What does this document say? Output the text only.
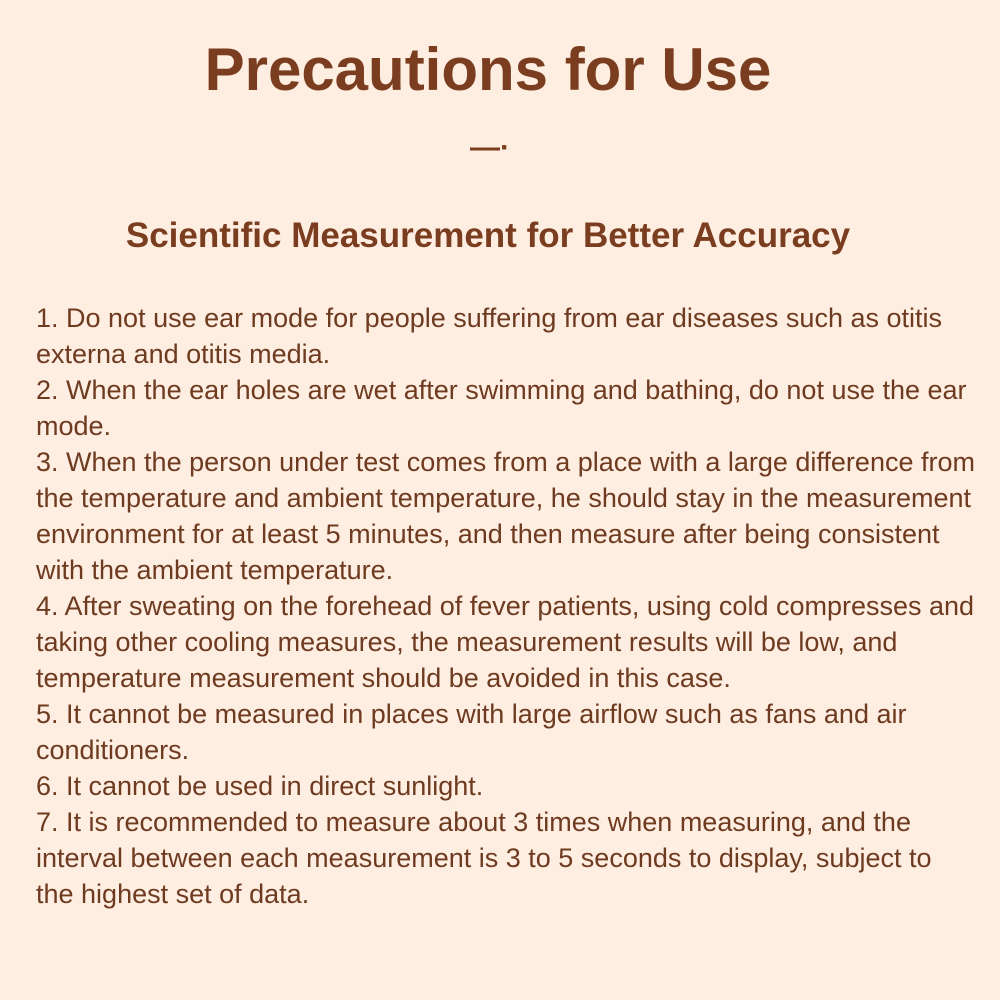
Precautions for Use
—·
Scientific Measurement for Better Accuracy
1. Do not use ear mode for people suffering from ear diseases such as otitis externa and otitis media.
2. When the ear holes are wet after swimming and bathing, do not use the ear mode.
3. When the person under test comes from a place with a large difference from the temperature and ambient temperature, he should stay in the measurement environment for at least 5 minutes, and then measure after being consistent with the ambient temperature.
4. After sweating on the forehead of fever patients, using cold compresses and taking other cooling measures, the measurement results will be low, and temperature measurement should be avoided in this case.
5. It cannot be measured in places with large airflow such as fans and air conditioners.
6. It cannot be used in direct sunlight.
7. It is recommended to measure about 3 times when measuring, and the interval between each measurement is 3 to 5 seconds to display, subject to the highest set of data.
